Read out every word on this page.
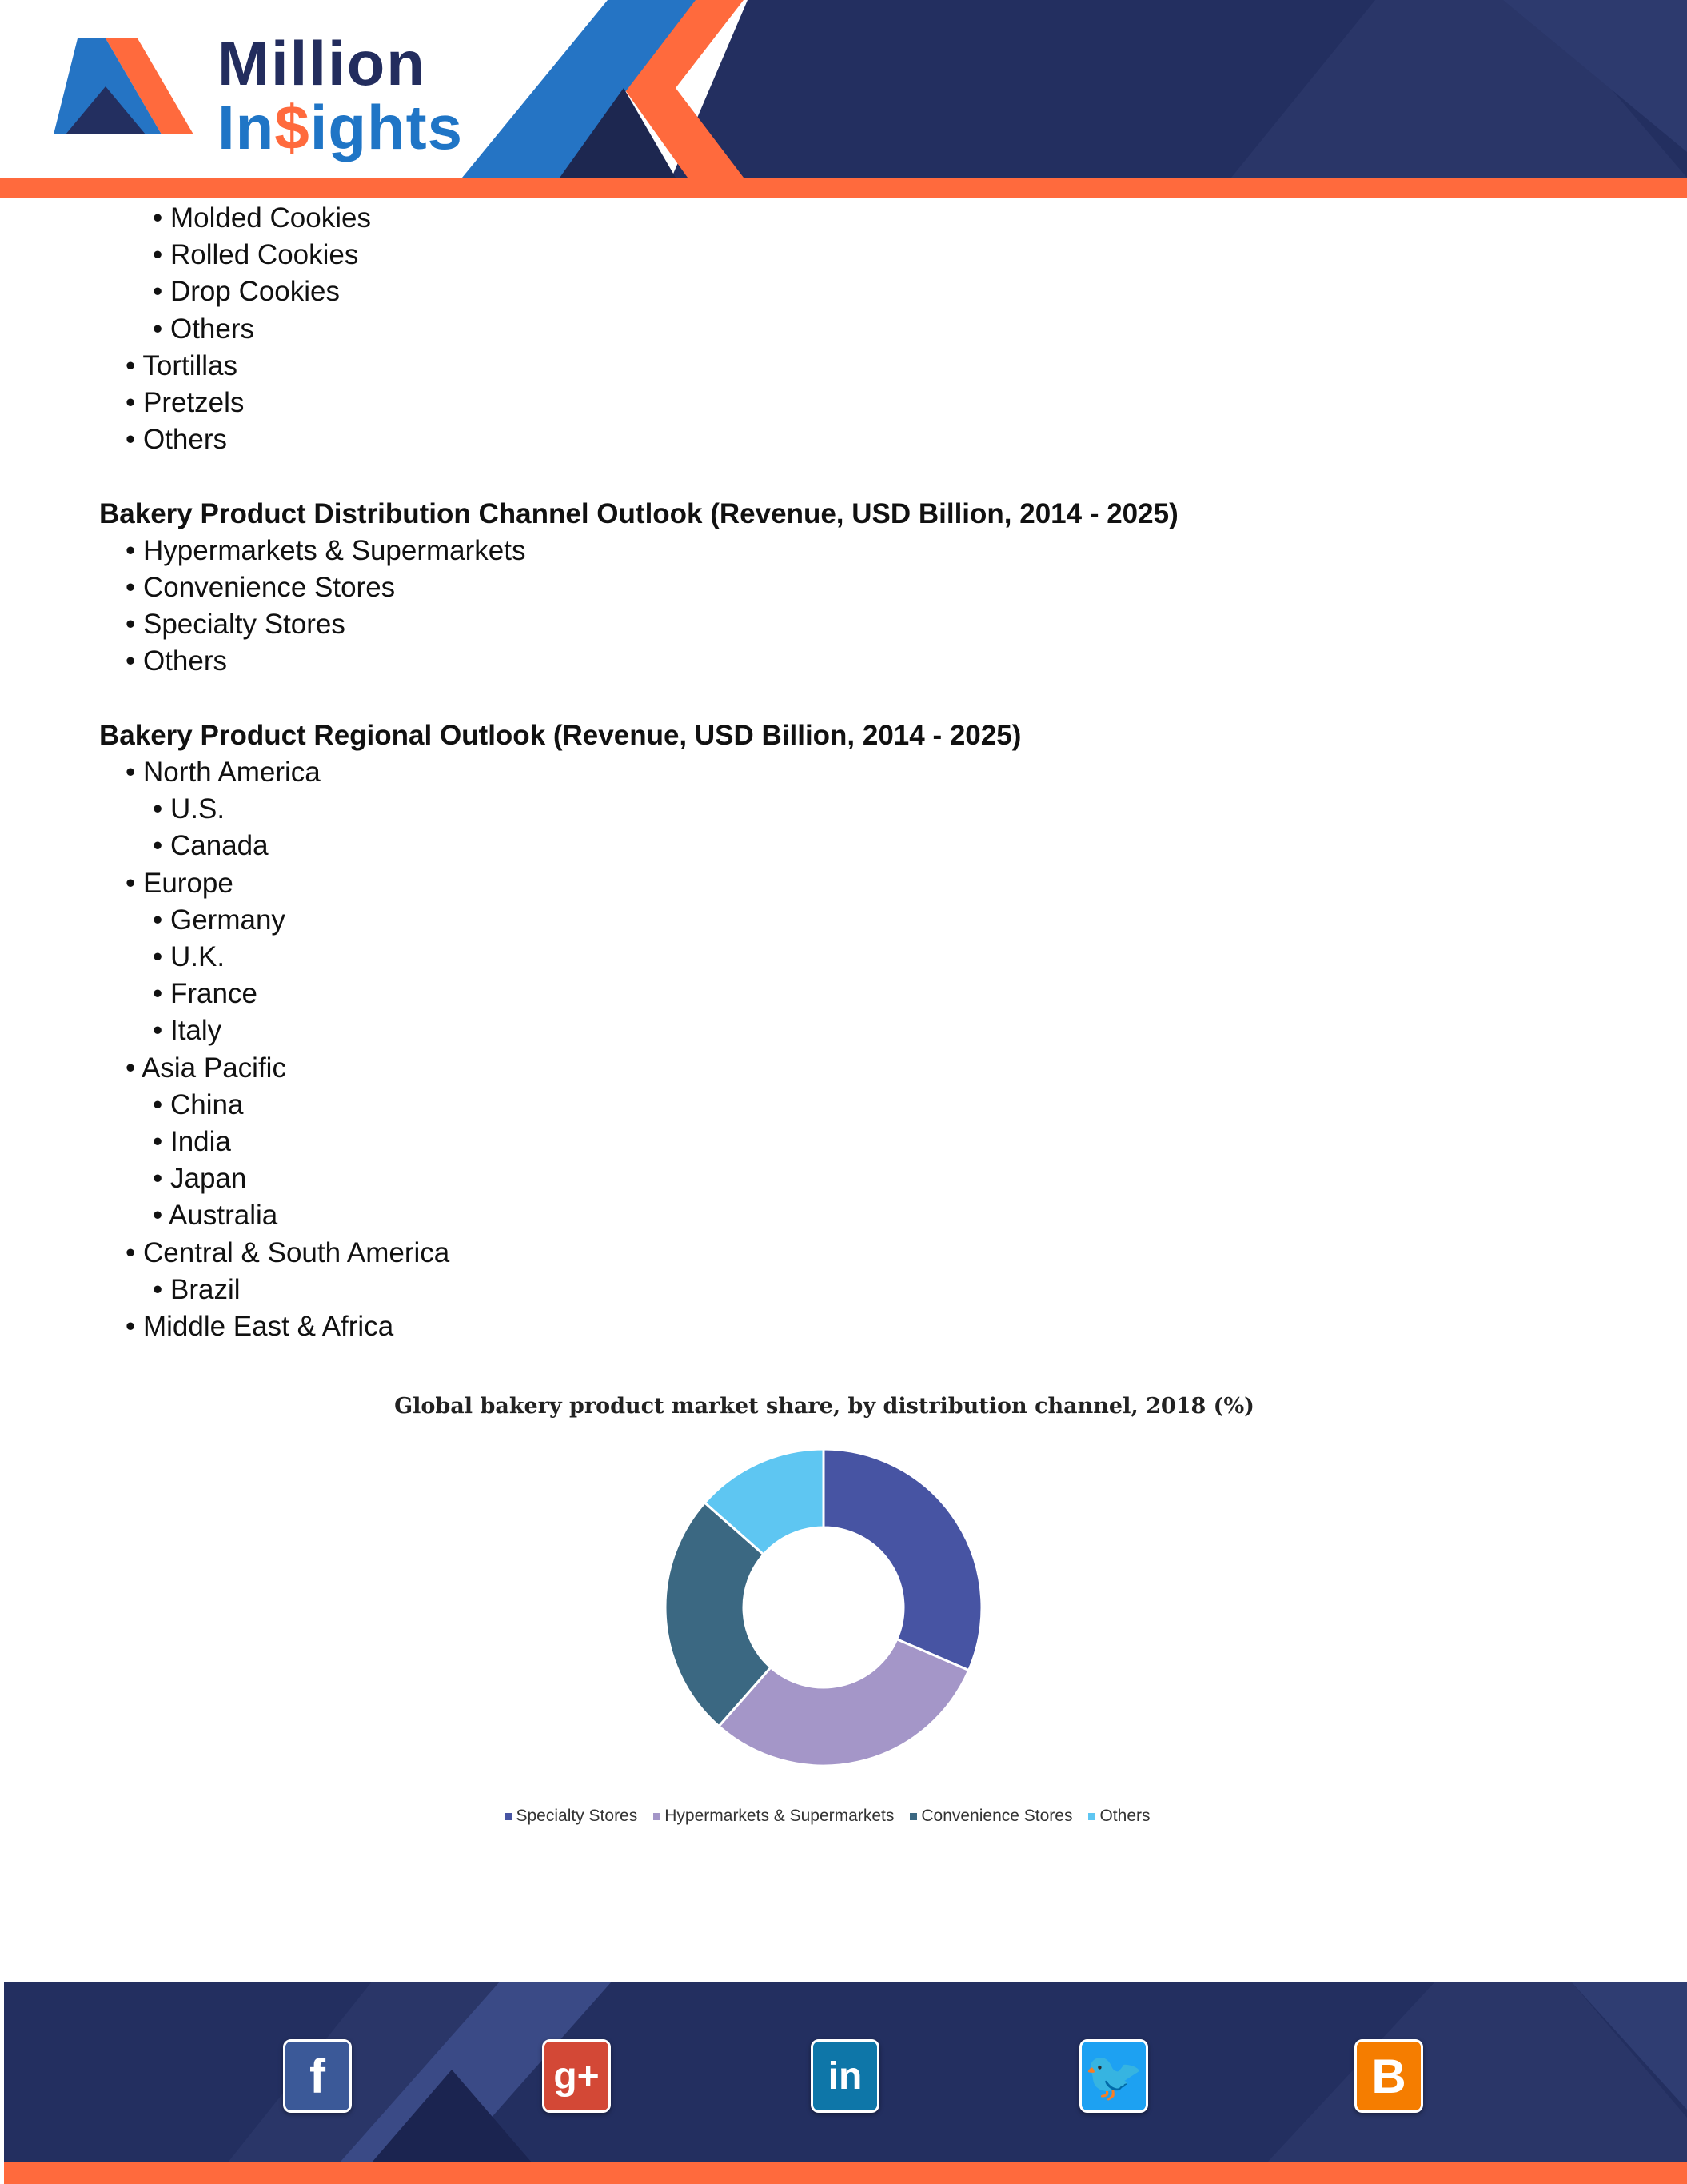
Million
In$ights
• Molded Cookies
• Rolled Cookies
• Drop Cookies
• Others
• Tortillas
• Pretzels
• Others
Bakery Product Distribution Channel Outlook (Revenue, USD Billion, 2014 - 2025)
• Hypermarkets & Supermarkets
• Convenience Stores
• Specialty Stores
• Others
Bakery Product Regional Outlook (Revenue, USD Billion, 2014 - 2025)
• North America
• U.S.
• Canada
• Europe
• Germany
• U.K.
• France
• Italy
• Asia Pacific
• China
• India
• Japan
• Australia
• Central & South America
• Brazil
• Middle East & Africa
Global bakery product market share, by distribution channel, 2018 (%)
Specialty Stores Hypermarkets & Supermarkets Convenience Stores Others
f	g+	in	🐦	B
